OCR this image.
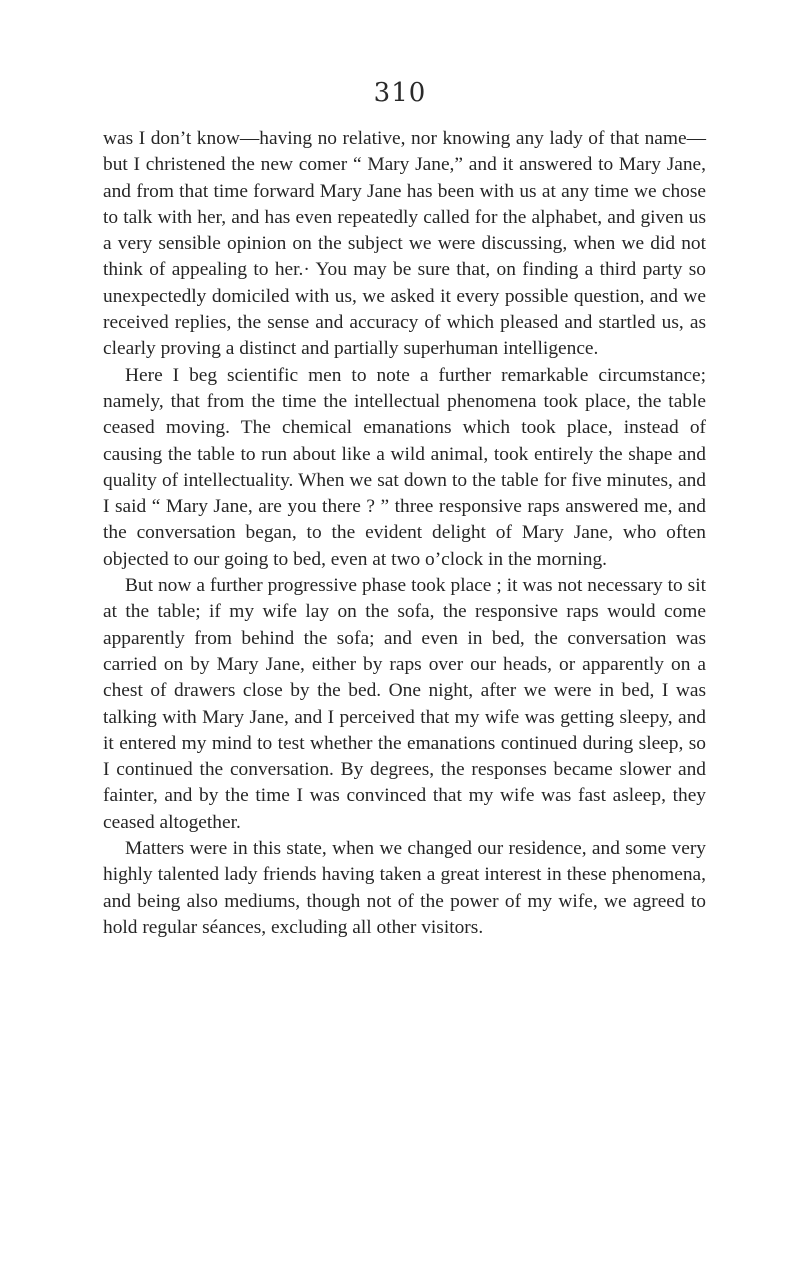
310

was I don’t know—having no relative, nor knowing any lady of that name—but I christened the new comer “ Mary Jane,” and it answered to Mary Jane, and from that time forward Mary Jane has been with us at any time we chose to talk with her, and has even repeatedly called for the alphabet, and given us a very sensible opinion on the subject we were discussing, when we did not think of appealing to her.· You may be sure that, on finding a third party so unexpectedly domiciled with us, we asked it every possible question, and we received replies, the sense and accuracy of which pleased and startled us, as clearly proving a distinct and partially superhuman intelligence.

Here I beg scientific men to note a further remarkable circumstance; namely, that from the time the intellectual phenomena took place, the table ceased moving. The chemical emanations which took place, instead of causing the table to run about like a wild animal, took entirely the shape and quality of intellectuality. When we sat down to the table for five minutes, and I said “ Mary Jane, are you there ? ” three responsive raps answered me, and the conversation began, to the evident delight of Mary Jane, who often objected to our going to bed, even at two o’clock in the morning.

But now a further progressive phase took place ; it was not necessary to sit at the table; if my wife lay on the sofa, the responsive raps would come apparently from behind the sofa; and even in bed, the conversation was carried on by Mary Jane, either by raps over our heads, or apparently on a chest of drawers close by the bed. One night, after we were in bed, I was talking with Mary Jane, and I perceived that my wife was getting sleepy, and it entered my mind to test whether the emanations continued during sleep, so I continued the conversation. By degrees, the responses became slower and fainter, and by the time I was convinced that my wife was fast asleep, they ceased altogether.

Matters were in this state, when we changed our residence, and some very highly talented lady friends having taken a great interest in these phenomena, and being also mediums, though not of the power of my wife, we agreed to hold regular séances, excluding all other visitors.
